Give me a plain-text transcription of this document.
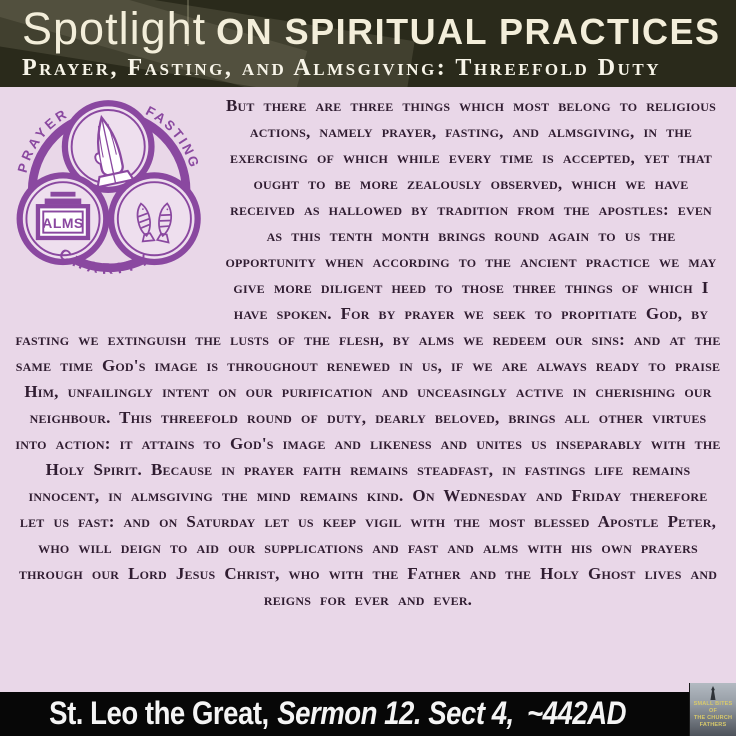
Spotlight ON SPIRITUAL PRACTICES
Prayer, Fasting, and Almsgiving: Threefold Duty
ALMS
PRAYER	FASTING
CHARITY

But there are three things which most belong to religious actions, namely prayer, fasting, and almsgiving, in the exercising of which while every time is accepted, yet that ought to be more zealously observed, which we have received as hallowed by tradition from the apostles: even as this tenth month brings round again to us the opportunity when according to the ancient practice we may give more diligent heed to those three things of which I have spoken. For by prayer we seek to propitiate God, by fasting we extinguish the lusts of the flesh, by alms we redeem our sins: and at the same time God's image is throughout renewed in us, if we are always ready to praise Him, unfailingly intent on our purification and unceasingly active in cherishing our neighbour. This threefold round of duty, dearly beloved, brings all other virtues into action: it attains to God's image and likeness and unites us inseparably with the Holy Spirit. Because in prayer faith remains steadfast, in fastings life remains innocent, in almsgiving the mind remains kind. On Wednesday and Friday therefore let us fast: and on Saturday let us keep vigil with the most blessed Apostle Peter, who will deign to aid our supplications and fast and alms with his own prayers through our Lord Jesus Christ, who with the Father and the Holy Ghost lives and reigns for ever and ever.

St. Leo the Great, Sermon 12. Sect 4, ~442AD	SMALL BITES OF
THE CHURCH
FATHERS
